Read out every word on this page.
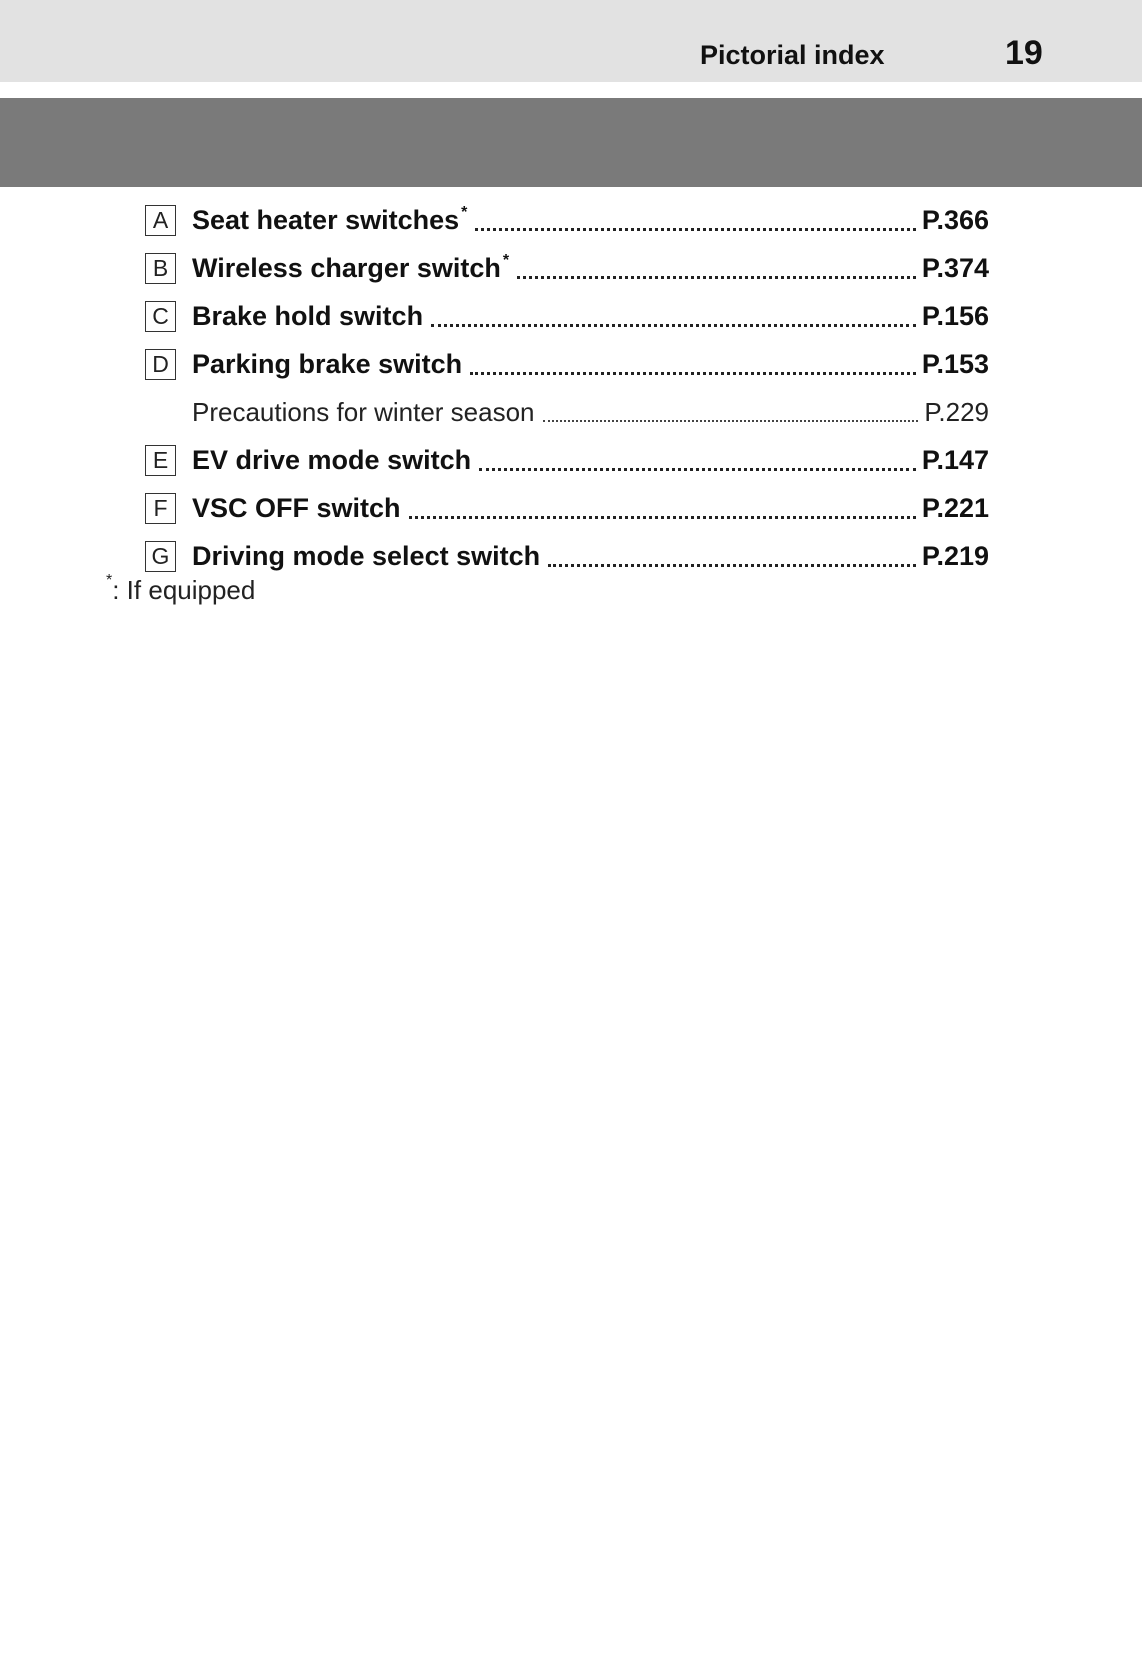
Pictorial index	19
A Seat heater switches *	P.366
B Wireless charger switch *	P.374
C Brake hold switch	P.156
D Parking brake switch	P.153
Precautions for winter season	P.229
E EV drive mode switch	P.147
F VSC OFF switch	P.221
G Driving mode select switch	P.219
*: If equipped
